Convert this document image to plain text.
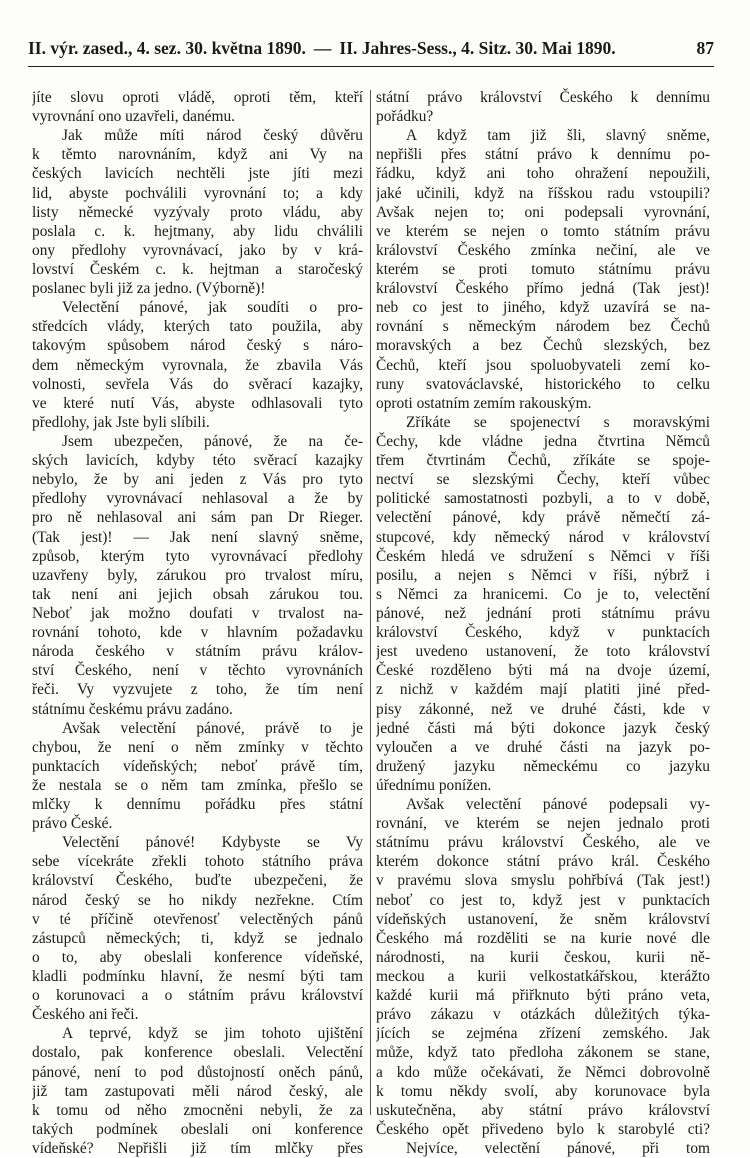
II. výr. zased., 4. sez. 30. května 1890. — II. Jahres-Sess., 4. Sitz. 30. Mai 1890.	87
jíte slovu oproti vládě, oproti těm, kteří
vyrovnání ono uzavřeli, danému.
Jak může míti národ český důvěru
k těmto narovnáním, když ani Vy na
českých lavicích nechtěli jste jíti mezi
lid, abyste pochválili vyrovnání to; a kdy
listy německé vyzývaly proto vládu, aby
poslala c. k. hejtmany, aby lidu chválili
ony předlohy vyrovnávací, jako by v krá-
lovství Českém c. k. hejtman a staročeský
poslanec byli již za jedno. (Výborně)!
Velectění pánové, jak soudíti o pro-
středcích vlády, kterých tato použila, aby
takovým spůsobem národ český s náro-
dem německým vyrovnala, že zbavila Vás
volnosti, sevřela Vás do svěrací kazajky,
ve které nutí Vás, abyste odhlasovali tyto
předlohy, jak Jste byli slíbili.
Jsem ubezpečen, pánové, že na če-
ských lavicích, kdyby této svěrací kazajky
nebylo, že by ani jeden z Vás pro tyto
předlohy vyrovnávací nehlasoval a že by
pro ně nehlasoval ani sám pan Dr Rieger.
(Tak jest)! — Jak není slavný sněme,
způsob, kterým tyto vyrovnávací předlohy
uzavřeny byly, zárukou pro trvalost míru,
tak není ani jejich obsah zárukou tou.
Neboť jak možno doufati v trvalost na-
rovnání tohoto, kde v hlavním požadavku
národa českého v státním právu králov-
ství Českého, není v těchto vyrovnáních
řeči. Vy vyzvujete z toho, že tím není
státnímu českému právu zadáno.
Avšak velectění pánové, právě to je
chybou, že není o něm zmínky v těchto
punktacích vídeňských; neboť právě tím,
že nestala se o něm tam zmínka, přešlo se
mlčky k dennímu pořádku přes státní
právo České.
Velectění pánové! Kdybyste se Vy
sebe vícekráte zřekli tohoto státního práva
království Českého, buďte ubezpečeni, že
národ český se ho nikdy nezřekne. Ctím
v té příčině otevřenosť velectěných pánů
zástupců německých; ti, když se jednalo
o to, aby obeslali konference vídeňské,
kladli podmínku hlavní, že nesmí býti tam
o korunovaci a o státním právu království
Českého ani řeči.
A teprvé, když se jim tohoto ujištění
dostalo, pak konference obeslali. Velectění
pánové, není to pod důstojností oněch pánů,
již tam zastupovati měli národ český, ale
k tomu od něho zmocněni nebyli, že za
takých podmínek obeslali oni konference
vídeňské? Nepřišli již tím mlčky přes
státní právo království Českého k dennímu
pořádku?
A když tam již šli, slavný sněme,
nepřišli přes státní právo k dennímu po-
řádku, když ani toho ohražení nepoužili,
jaké učinili, když na říšskou radu vstoupili?
Avšak nejen to; oni podepsali vyrovnání,
ve kterém se nejen o tomto státním právu
království Českého zmínka nečiní, ale ve
kterém se proti tomuto státnímu právu
království Českého přímo jedná (Tak jest)!
neb co jest to jiného, když uzavírá se na-
rovnání s německým národem bez Čechů
moravských a bez Čechů slezských, bez
Čechů, kteří jsou spoluobyvateli zemí ko-
runy svatováclavské, historického to celku
oproti ostatním zemím rakouským.
Zříkáte se spojenectví s moravskými
Čechy, kde vládne jedna čtvrtina Němců
třem čtvrtinám Čechů, zříkáte se spoje-
nectví se slezskými Čechy, kteří vůbec
politické samostatnosti pozbyli, a to v době,
velectění pánové, kdy právě němečtí zá-
stupcové, kdy německý národ v království
Českém hledá ve sdružení s Němci v říši
posilu, a nejen s Němci v říši, nýbrž i
s Němci za hranicemi. Co je to, velectění
pánové, než jednání proti státnímu právu
království Českého, když v punktacích
jest uvedeno ustanovení, že toto království
České rozděleno býti má na dvoje území,
z nichž v každém mají platiti jiné před-
pisy zákonné, než ve druhé části, kde v
jedné části má býti dokonce jazyk český
vyloučen a ve druhé části na jazyk po-
družený jazyku německému co jazyku
úřednímu ponížen.
Avšak velectění pánové podepsali vy-
rovnání, ve kterém se nejen jednalo proti
státnímu právu království Českého, ale ve
kterém dokonce státní právo král. Českého
v pravému slova smyslu pohřbívá (Tak jest!)
neboť co jest to, když jest v punktacích
vídeňských ustanovení, že sněm království
Českého má rozděliti se na kurie nové dle
národnosti, na kurii českou, kurii ně-
meckou a kurii velkostatkářskou, kterážto
každé kurii má přiřknuto býti práno veta,
právo zákazu v otázkách důležitých týka-
jících se zejména zřízení zemského. Jak
může, když tato předloha zákonem se stane,
a kdo může očekávati, že Němci dobrovolně
k tomu někdy svolí, aby korunovace byla
uskutečněna, aby státní právo království
Českého opět přivedeno bylo k starobylé cti?
Nejvíce, velectění pánové, při tom
